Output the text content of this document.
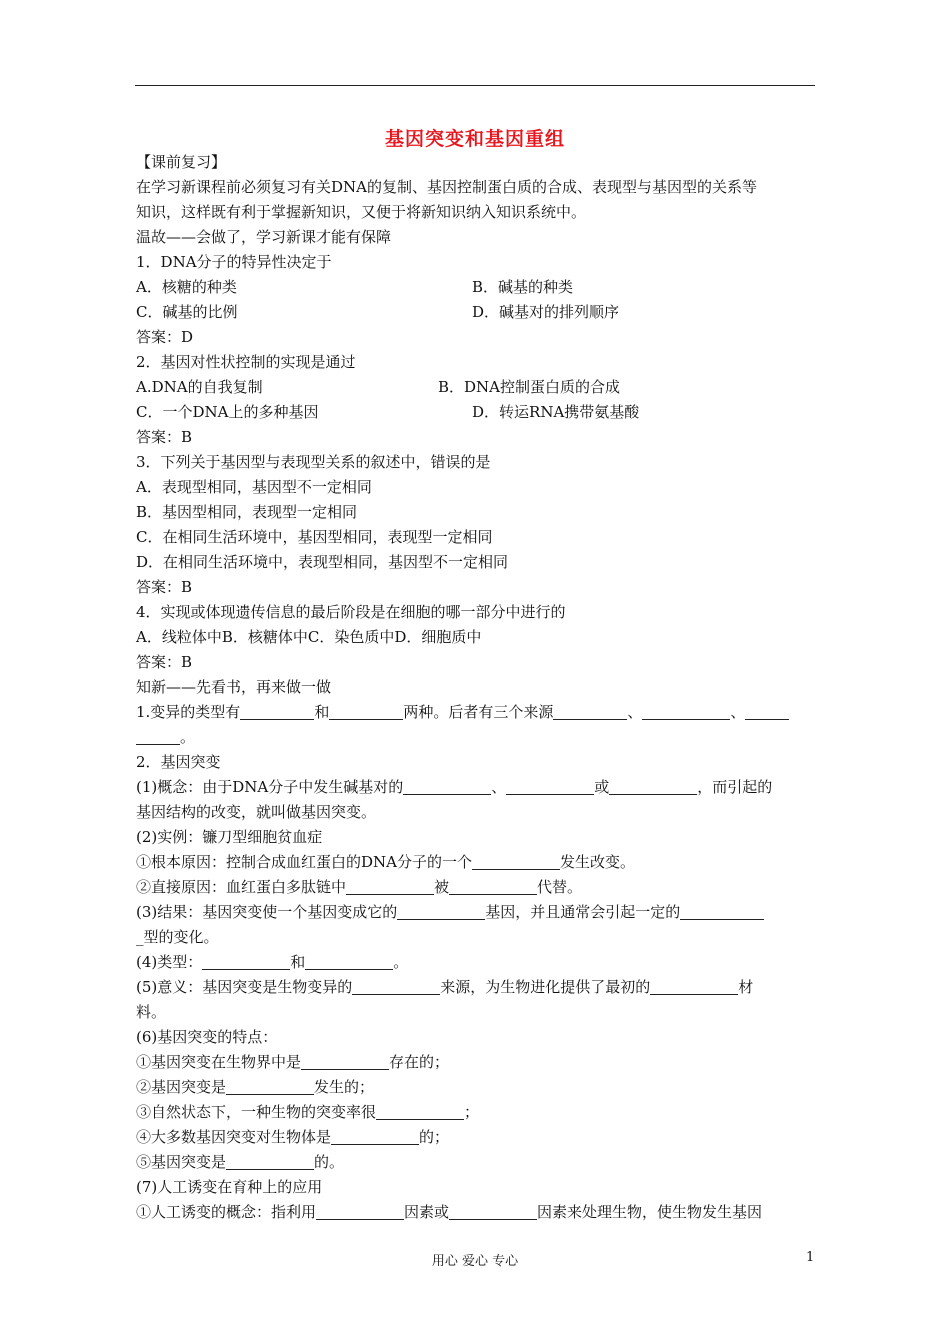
基因突变和基因重组
【课前复习】
在学习新课程前必须复习有关DNA的复制、基因控制蛋白质的合成、表现型与基因型的关系等
知识，这样既有利于掌握新知识，又便于将新知识纳入知识系统中。
温故——会做了，学习新课才能有保障
1．DNA分子的特异性决定于
A．核糖的种类	B．碱基的种类
C．碱基的比例	D．碱基对的排列顺序
答案：D
2．基因对性状控制的实现是通过
A.DNA的自我复制	B．DNA控制蛋白质的合成
C．一个DNA上的多种基因	D．转运RNA携带氨基酸
答案：B
3．下列关于基因型与表现型关系的叙述中，错误的是
A．表现型相同，基因型不一定相同
B．基因型相同，表现型一定相同
C．在相同生活环境中，基因型相同，表现型一定相同
D．在相同生活环境中，表现型相同，基因型不一定相同
答案：B
4．实现或体现遗传信息的最后阶段是在细胞的哪一部分中进行的
A．线粒体中B．核糖体中C．染色质中D．细胞质中
答案：B
知新——先看书，再来做一做
1.变异的类型有	和	两种。后者有三个来源	、	、
。
2．基因突变
(1)概念：由于DNA分子中发生碱基对的	、	或	，而引起的
基因结构的改变，就叫做基因突变。
(2)实例：镰刀型细胞贫血症
①根本原因：控制合成血红蛋白的DNA分子的一个	发生改变。
②直接原因：血红蛋白多肽链中	被	代替。
(3)结果：基因突变使一个基因变成它的	基因，并且通常会引起一定的
_型的变化。
(4)类型：	和	。
(5)意义：基因突变是生物变异的	来源，为生物进化提供了最初的	材
料。
(6)基因突变的特点：
①基因突变在生物界中是	存在的；
②基因突变是	发生的；
③自然状态下，一种生物的突变率很	；
④大多数基因突变对生物体是	的；
⑤基因突变是	的。
(7)人工诱变在育种上的应用
①人工诱变的概念：指利用	因素或	因素来处理生物，使生物发生基因
用心 爱心 专心	1
